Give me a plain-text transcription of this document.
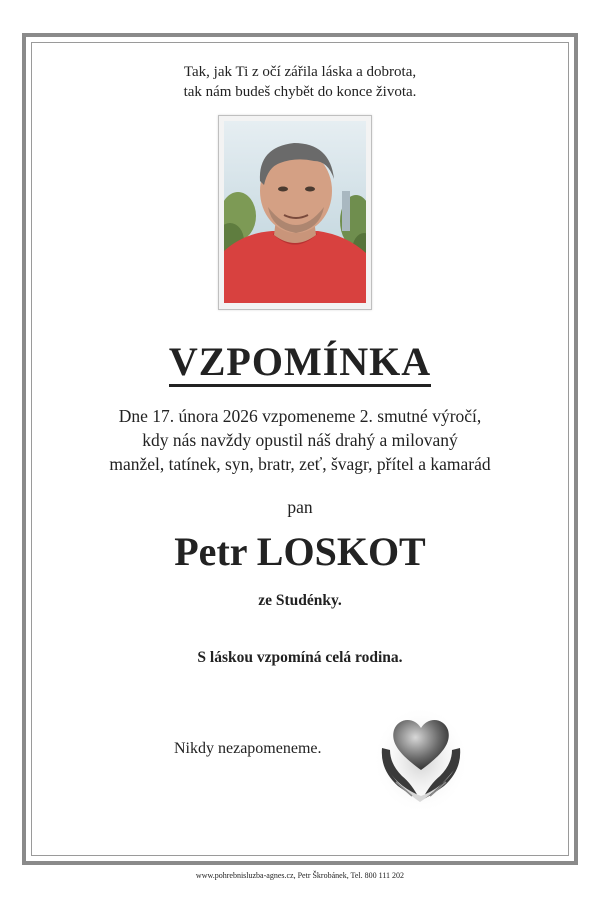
Tak, jak Ti z očí zářila láska a dobrota,
tak nám budeš chybět do konce života.
VZPOMÍNKA
Dne 17. února 2026 vzpomeneme 2. smutné výročí,
kdy nás navždy opustil náš drahý a milovaný
manžel, tatínek, syn, bratr, zeť, švagr, přítel a kamarád
pan
Petr LOSKOT
ze Studénky.
S láskou vzpomíná celá rodina.
Nikdy nezapomeneme.
www.pohrebnisluzba-agnes.cz, Petr Škrobánek, Tel. 800 111 202
